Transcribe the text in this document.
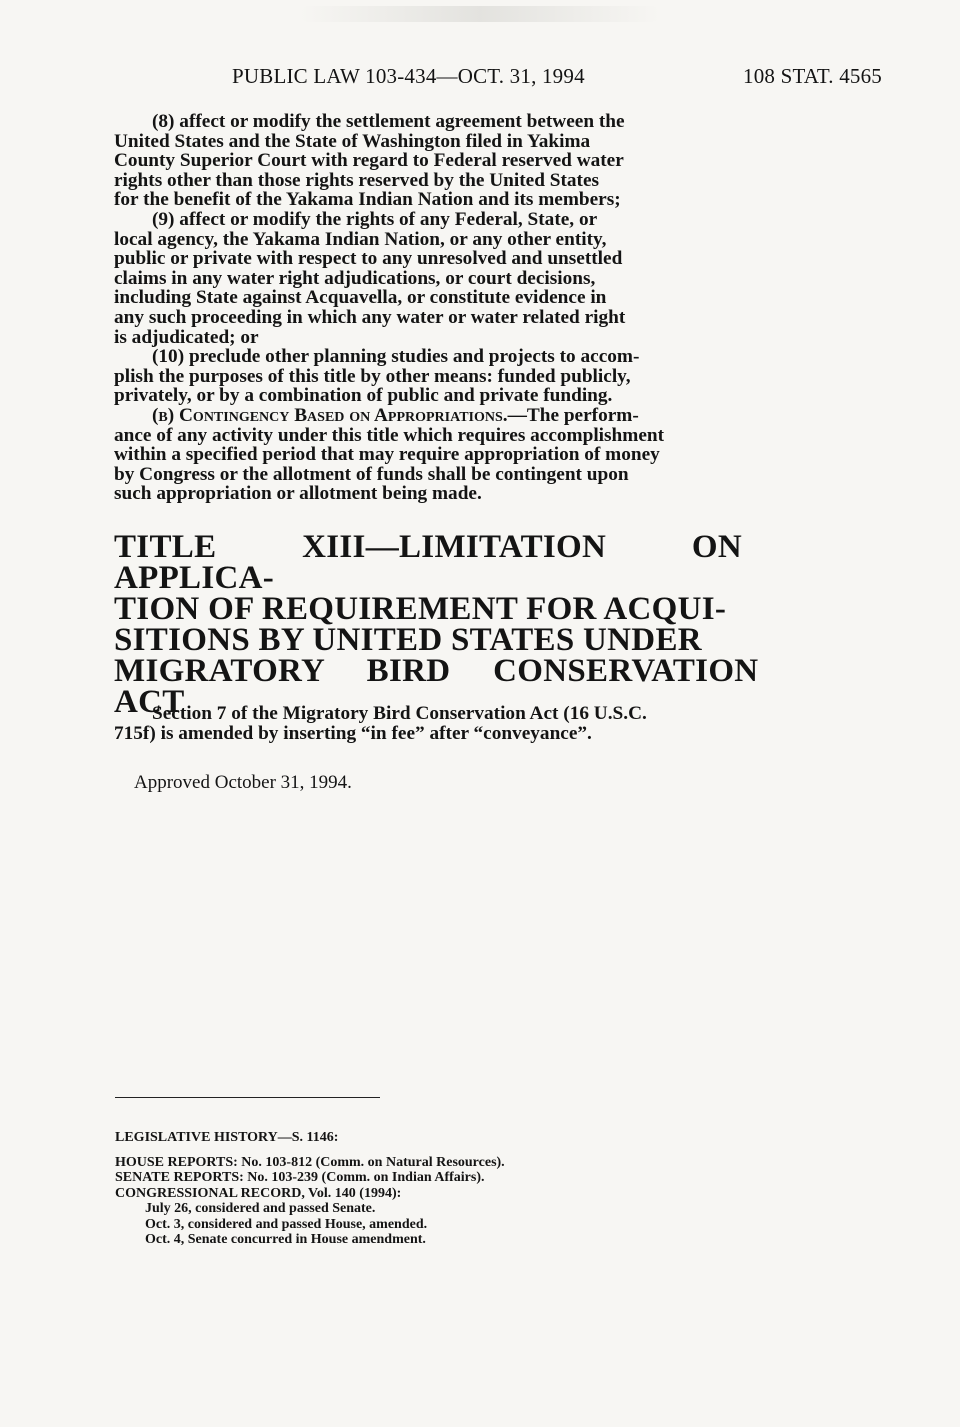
PUBLIC LAW 103-434—OCT. 31, 1994	108 STAT. 4565
(8) affect or modify the settlement agreement between the
United States and the State of Washington filed in Yakima
County Superior Court with regard to Federal reserved water
rights other than those rights reserved by the United States
for the benefit of the Yakama Indian Nation and its members;
(9) affect or modify the rights of any Federal, State, or
local agency, the Yakama Indian Nation, or any other entity,
public or private with respect to any unresolved and unsettled
claims in any water right adjudications, or court decisions,
including State against Acquavella, or constitute evidence in
any such proceeding in which any water or water related right
is adjudicated; or
(10) preclude other planning studies and projects to accom-
plish the purposes of this title by other means: funded publicly,
privately, or by a combination of public and private funding.
(b) Contingency Based on Appropriations.—The perform-
ance of any activity under this title which requires accomplishment
within a specified period that may require appropriation of money
by Congress or the allotment of funds shall be contingent upon
such appropriation or allotment being made.
TITLE XIII—LIMITATION ON APPLICA-
TION OF REQUIREMENT FOR ACQUI-
SITIONS BY UNITED STATES UNDER
MIGRATORY     BIRD     CONSERVATION
ACT
Section 7 of the Migratory Bird Conservation Act (16 U.S.C.
715f) is amended by inserting “in fee” after “conveyance”.
Approved October 31, 1994.
LEGISLATIVE HISTORY—S. 1146:
HOUSE REPORTS: No. 103-812 (Comm. on Natural Resources).
SENATE REPORTS: No. 103-239 (Comm. on Indian Affairs).
CONGRESSIONAL RECORD, Vol. 140 (1994):
July 26, considered and passed Senate.
Oct. 3, considered and passed House, amended.
Oct. 4, Senate concurred in House amendment.
